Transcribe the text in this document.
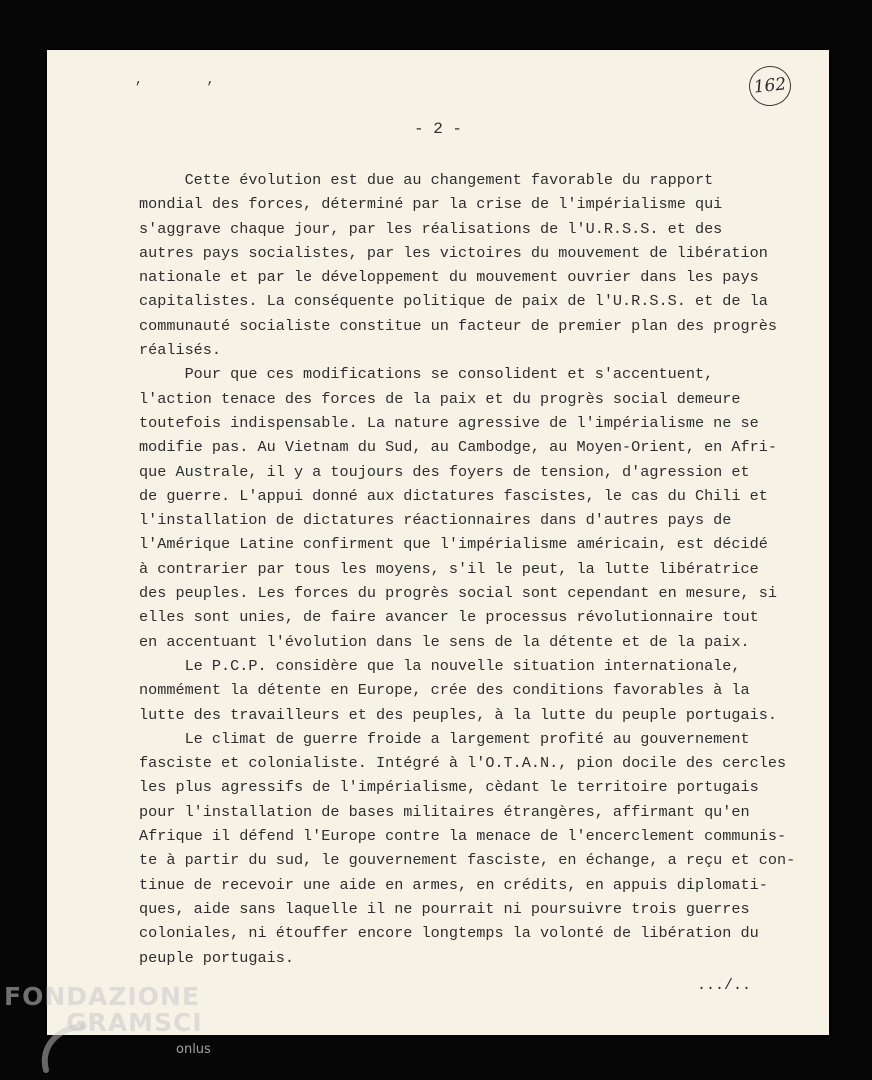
, ,	162
- 2 -
Cette évolution est due au changement favorable du rapport
mondial des forces, déterminé par la crise de l'impérialisme qui
s'aggrave chaque jour, par les réalisations de l'U.R.S.S. et des
autres pays socialistes, par les victoires du mouvement de libération
nationale et par le développement du mouvement ouvrier dans les pays
capitalistes. La conséquente politique de paix de l'U.R.S.S. et de la
communauté socialiste constitue un facteur de premier plan des progrès
réalisés.
Pour que ces modifications se consolident et s'accentuent,
l'action tenace des forces de la paix et du progrès social demeure
toutefois indispensable. La nature agressive de l'impérialisme ne se
modifie pas. Au Vietnam du Sud, au Cambodge, au Moyen-Orient, en Afri-
que Australe, il y a toujours des foyers de tension, d'agression et
de guerre. L'appui donné aux dictatures fascistes, le cas du Chili et
l'installation de dictatures réactionnaires dans d'autres pays de
l'Amérique Latine confirment que l'impérialisme américain, est décidé
à contrarier par tous les moyens, s'il le peut, la lutte libératrice
des peuples. Les forces du progrès social sont cependant en mesure, si
elles sont unies, de faire avancer le processus révolutionnaire tout
en accentuant l'évolution dans le sens de la détente et de la paix.
Le P.C.P. considère que la nouvelle situation internationale,
nommément la détente en Europe, crée des conditions favorables à la
lutte des travailleurs et des peuples, à la lutte du peuple portugais.
Le climat de guerre froide a largement profité au gouvernement
fasciste et colonialiste. Intégré à l'O.T.A.N., pion docile des cercles
les plus agressifs de l'impérialisme, cèdant le territoire portugais
pour l'installation de bases militaires étrangères, affirmant qu'en
Afrique il défend l'Europe contre la menace de l'encerclement communis-
te à partir du sud, le gouvernement fasciste, en échange, a reçu et con-
tinue de recevoir une aide en armes, en crédits, en appuis diplomati-
ques, aide sans laquelle il ne pourrait ni poursuivre trois guerres
coloniales, ni étouffer encore longtemps la volonté de libération du
peuple portugais.
.../..
FONDAZIONE
GRAMSCI
onlus
